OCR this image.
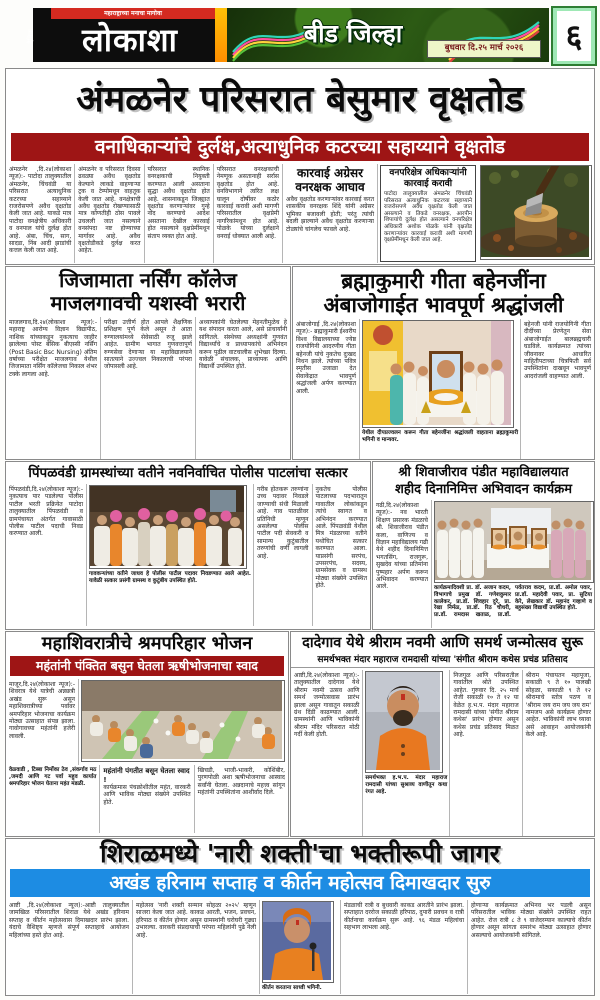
महाराष्ट्राच्या मनाचा मागोवा
दैनिक	लोकाशा	बीड जिल्हा	बुधवार दि.२५ मार्च २०२६	६
अंमळनेर परिसरात बेसुमार वृक्षतोड
वनाधिकाऱ्यांचे दुर्लक्ष,अत्याधुनिक कटरच्या सहाय्याने वृक्षतोड
अंमळनेर ,दि.२४(लोकाशा न्यूज):- पाटोदा तालुक्यातील अंमळनेर, चिंचवंडी या परिसरात अत्याधुनिक कटरच्या सहाय्याने राजरोसपणे अवैध वृक्षतोड केली जात आहे. याकडे मात्र पाटोदा वनक्षेत्रीय अधिकारी व वनपाल यांचे दुर्लक्ष होत आहे. अंबा, चिंच, साग, सादडा, निंब आदी झाडांची कत्तल केली जात आहे.
अंमळनेर व परिसरात दिवसा ढवळ्या अवैध वृक्षतोड केल्याने लाकडे वाहणाऱ्या ट्रक व टेम्पोमधून वाहतूक केली जात आहे. वनक्षेत्राची अवैध वृक्षतोड रोखण्यासाठी मात्र कोणतीही ठोस पावले उचलली जात नसल्याने वनसंपदा नष्ट होण्याच्या मार्गावर आहे. अवैध वृक्षतोडीकडे दुर्लक्ष करत आहेत.
परिसरात स्थानिक वनरक्षकाची नियुक्ती करण्यात आली असताना सुद्धा अवैध वृक्षतोड होत आहे. शासनाकडून जिल्ह्यात वृक्षतोड करणाऱ्यांवर गुन्हे नोंद करण्याचे आदेश असताना देखील कारवाई होत नसल्याने वृक्षप्रेमींमधून संताप व्यक्त होत आहे.
परिसरात वनरक्षकाची नेमणूक असतानाही सर्रास वृक्षतोड होत आहे. वनविभागाने त्वरित लक्ष घालून दोषींवर कठोर कारवाई करावी अशी मागणी परिसरातील वृक्षप्रेमी नागरिकांमधून होत आहे. पोळके यांच्या दुर्लक्षाने वनराई धोक्यात आली आहे.
कारवाई अग्रेसर वनरक्षक आघाव
अवैध वृक्षतोड करणाऱ्यांवर कारवाई करत शासकीय वनरक्षक शिंदे यांनी अग्रेसर भूमिका बजावली होती; परंतु त्यांची बदली झाल्याने अवैध वृक्षतोड करणाऱ्या टोळ्यांचे चांगलेच फावले आहे.
वनपरिक्षेत्र अधिकाऱ्यांनी कारवाई करावी
पाटोदा तालुक्यातील अंमळनेर चिंचवंडी परिसरात अत्याधुनिक कटरच्या सहाय्याने राजरोसपणे अवैध वृक्षतोड केली जात असल्याने व तिकडे वनरक्षक, आरपीन शिपायांचे दुर्लक्ष होत असल्याने वनपरिक्षेत्र अधिकारी अशोक पोळके यांनी वृक्षतोड करणाऱ्यांवर कारवाई करावी अशी मागणी वृक्षप्रेमींमधून केली जात आहे.
जिजामाता नर्सिंग कॉलेज
माजलगावची यशस्वी भरारी
माजलगाव,दि.२४(लोकाशा न्यूज):- महाराष्ट्र आरोग्य विज्ञान विद्यापीठ, नाशिक यांच्याकडून नुकत्याच जाहीर झालेल्या पोस्ट बेसिक बीएस्सी नर्सिंग (Post Basic Bsc Nursing) अंतिम वर्षाच्या परीक्षेत माजलगाव येथील जिजामाता नर्सिंग कॉलेजचा निकाल शंभर टक्के लागला आहे.
परीक्षा उत्तीर्ण होत आपले शैक्षणिक प्रशिक्षण पूर्ण केले असून ते आता रुग्णालयांमध्ये सेवेसाठी रुजू झाले आहेत. ग्रामीण भागात गुणवत्तापूर्ण रुग्णसेवा देणाऱ्या या महाविद्यालयाने सातत्याने उज्ज्वल निकालाची परंपरा जोपासली आहे.
अध्यापकांनी घेतलेल्या मेहनतीमुळेच हे यश संपादन करता आले, असे प्राचार्यांनी सांगितले. संस्थेच्या अध्यक्षांनी गुणवंत विद्यार्थ्यांचे व प्राध्यापकांचे अभिनंदन करून पुढील वाटचालीस शुभेच्छा दिल्या. यावेळी संचालक, प्राध्यापक आणि विद्यार्थी उपस्थित होते.
ब्रह्माकुमारी गीता बहेनजींना
अंबाजोगाईत भावपूर्ण श्रद्धांजली
अंबाजोगाई ,दि.२४(लोकाशा न्यूज):- ब्रह्माकुमारी ईश्वरीय विश्व विद्यालयाच्या ज्येष्ठ राजयोगिनी आदरणीय गीता बहेनजी यांचे नुकतेच दुःखद निधन झाले. त्यांच्या पवित्र स्मृतीस उजाळा देत सेवाकेंद्रात भावपूर्ण श्रद्धांजली अर्पण करण्यात आली.
येथील दीपप्रज्वलन करून गीता बहेनजींना श्रद्धांजली वाहताना ब्रह्माकुमारी भगिनी व मान्यवर.
बहेनजी यांनी राजयोगिनी गीता दीदींच्या प्रेरणेतून सेवा अंबाजोगाईत बालब्रह्मचारी घडविले. कार्यक्रमात त्यांच्या जीवनावर आधारित माहितीपटाच्या चित्रफिती सर्व उपस्थितांना दाखवून भावपूर्ण आदरांजली वाहण्यात आली.
पिंपळवंडी ग्रामस्थांच्या वतीने नवनिर्वाचित पोलीस पाटलांचा सत्कार
पिंपळवंडी,दि.२४(लोकाशा न्यूज):- नुकत्याच पार पडलेल्या पोलीस पाटील भरती प्रक्रियेत पाटोदा तालुक्यातील पिंपळवंडी व ग्रामपंचायत अंतर्गत गावासाठी पोलीस पाटील पदाची निवड करण्यात आली.
गावकऱ्यांच्या वतीने जाधव हे पोलीस पाटील पदावर निवडण्यात आले आहेत. यावेळी सत्कार प्रसंगी ग्रामस्थ व कुटुंबीय उपस्थित होते.
गरीब होतकरू तरुणांना उच्च पदावर निवडले जाण्याची संधी मिळाली आहे. गाव पातळीवर प्रतिनिधी म्हणून असलेल्या पोलीस पाटील पदी सेवकरी व सामान्य कुटुंबातील तरुणांची वर्णी लागली आहे.
नुकतेच पोलीस पाटलाच्या पदभारातून गावातील लोकांकडून त्यांचे स्वागत व अभिनंदन करण्यात आले. पिंपळवंडी येथील मित्र मंडळाच्या वतीने यथोचित सत्कार करण्यात आला. याप्रसंगी सरपंच, उपसरपंच, सदस्य, ग्रामसेवक व ग्रामस्थ मोठ्या संख्येने उपस्थित होते.
श्री शिवाजीराव पंडीत महाविद्यालयात
शहीद दिनानिमित्त अभिवादन कार्यक्रम
गढी,दि.२४(लोकाशा न्यूज):- नव भारती शिक्षण प्रसारक मंडळाचे श्री. शिवाजीराव पंडीत कला, वाणिज्य व विज्ञान महाविद्यालय गढी येथे शहीद दिनानिमित्त भगतसिंग, राजगुरू, सुखदेव यांच्या प्रतिमांना पुष्पहार अर्पण करून अभिवादन करण्यात आले.	कार्यक्रमादिवशी प्रा. डॉ. अजान कदम, विभागाचे प्रमुख डॉ. गणेशकुमार कालेकर, प्रा.डॉ. शिवहार दुरे, प्रा. रेखा निर्मळ, प्रा.डॉ. रिठ चौधरी, प्रा.डॉ. रामदास खताळ, प्रा.डॉ. पर्वतराव कदम, प्रा.डॉ. अमोल पवार, प्रा.डॉ. महादेवी पवार, प्रा. सुटिया केरे, लेखकार डॉ. महानंद गव्हाणे व बहुसंख्य विद्यार्थी उपस्थित होते.
महाशिवरात्रीचे श्रमपरिहार भोजन
महंतांनी पंक्तित बसुन घेतला ऋषीभोजनाचा स्वाद
माजूर,दि.२४(लोकाशा न्यूज):- शिवरात्र येथे यात्रेची अन्नछत्री अखंड सुरू असून महाशिवरात्रीच्या पर्वावर श्रमपरिहार भोजनाचा कार्यक्रम मोठ्या उत्साहात संपन्न झाला. गावोगावच्या महंतांनी हजेरी लावली.
वेळवाडी , टिब्बा निर्मोका ठेव ,संकर्गाव मठ ,जमदी आणि गट पर्वा महुव कार्यात श्रमपरिहार भोजन घेताना महंत मंडळी.
महंतांनी पंगतीत बसून घेतला स्वाद !
कार्यक्रमास पंचक्रोशीतील महंत, वारकरी आणि भाविक मोठ्या संख्येने उपस्थित होते.
खिचडी, भाजी-भाकरी, कोशिंबीर, पुरणपोळी अशा ऋषीभोजनाचा आस्वाद सर्वांनी घेतला. अन्नदानाचे महत्त्व सांगून महंतांनी उपस्थितांना आशीर्वाद दिले.
दादेगाव येथे श्रीराम नवमी आणि समर्थ जन्मोत्सव सुरू
समर्थभक्त मंदार महाराज रामदासी यांच्या 'संगीत श्रीराम कथेस प्रचंड प्रतिसाद
आष्टी,दि.२४(लोकाशा न्यूज):- तालुक्यातील दादेगाव येथे श्रीराम नवमी उत्सव आणि समर्थ जन्मोत्सवास प्रारंभ झाला असून गावातून सकाळी ग्रंथ दिंडी काढण्यात आली. ग्रामस्थांनी आणि भाविकांनी श्रीराम मंदिर परिसरात मोठी गर्दी केली होती.
समर्थभक्त ह.भ.प. मंदार महाराज रामदासी यांच्या सुश्राव्य वाणीतून कथा रंगत आहे.
निजगुळ आणि परिसरातील गावांतील श्रोते उपस्थित आहेत. गुरुवार दि. २५ मार्च रोजी सकाळी १० ते १२ या वेळेत ह.भ.प. मंदार महाराज रामदासी यांच्या 'संगीत श्रीराम कथेस' प्रारंभ होणार असून कथेस प्रचंड प्रतिसाद मिळत आहे.
श्रीराम पंचायतन महापूजा, सकाळी ९ ते १० पालखी सोहळा, सकाळी ९ ते १२ श्रीरामाचे स्तोत्र पठण व 'श्रीराम जय राम जय जय राम' नामजप असे कार्यक्रम होणार आहेत. भाविकांनी लाभ घ्यावा असे आवाहन आयोजकांनी केले आहे.
शिराळमध्ये 'नारी शक्ती'चा भक्तीरूपी जागर
अखंड हरिनाम सप्ताह व कीर्तन महोत्सव दिमाखदार सुरु
आष्टी ,दि.२४(लोकाशा न्यूज):-आष्टी तालुक्यातील जामखिळ परिसरातील शिराळ येथे अखंड हरिनाम सप्ताह व कीर्तन महोत्सवास दिमाखदार प्रारंभ झाला. यंदाचे वैशिष्ट्य म्हणजे संपूर्ण सप्ताहाचे आयोजन महिलांच्या हस्ते होत आहे.
महोत्सव 'नारी शक्ती सन्मान सोहळा २०२५' म्हणून साजरा केला जात आहे. काकड आरती, भजन, प्रवचन, हरिपाठ व कीर्तन होणार असून ग्रामस्थांनी घरोघरी गुढ्या उभारल्या. वारकरी संप्रदायाची परंपरा महिलांनी पुढे नेली आहे.
कीर्तन करताना साध्वी भगिनी.
मंडळाची रात्री व बुधवारी काकड आरतीने प्रारंभ झाला. सप्ताहात दररोज सकाळी हरिपाठ, दुपारी प्रवचन व रात्री कीर्तनाचा कार्यक्रम सुरू आहे. ९६ मंडळ महिलांचा सहभाग लाभला आहे.
होणाऱ्या कार्यक्रमात अभिनव भर पडली असून परिसरातील भाविक मोठ्या संख्येने उपस्थित राहत आहेत. रोज रात्री ८ ते ९ वाजेदरम्यान काल्याचे कीर्तन होणार असून सांगता समारंभ मोठ्या उत्साहात होणार असल्याचे आयोजकांनी सांगितले.
